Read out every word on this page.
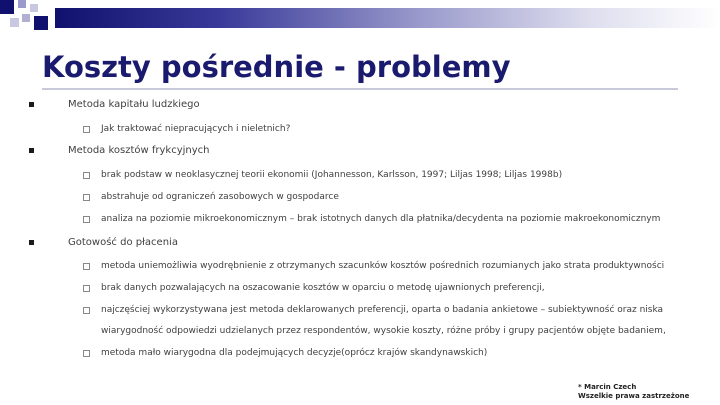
Koszty pośrednie - problemy
Metoda kapitału ludzkiego
Jak traktować niepracujących i nieletnich?
Metoda kosztów frykcyjnych
brak podstaw w neoklasycznej teorii ekonomii (Johannesson, Karlsson, 1997; Liljas 1998; Liljas 1998b)
abstrahuje od ograniczeń zasobowych w gospodarce
analiza na poziomie mikroekonomicznym – brak istotnych danych dla płatnika/decydenta na poziomie makroekonomicznym
Gotowość do płacenia
metoda uniemożliwia wyodrębnienie z otrzymanych szacunków kosztów pośrednich rozumianych jako strata produktywności
brak danych pozwalających na oszacowanie kosztów w oparciu o metodę ujawnionych preferencji,
najczęściej wykorzystywana jest metoda deklarowanych preferencji, oparta o badania ankietowe – subiektywność oraz niska
wiarygodność odpowiedzi udzielanych przez respondentów, wysokie koszty, różne próby i grupy pacjentów objęte badaniem,
metoda mało wiarygodna dla podejmujących decyzje(oprócz krajów skandynawskich)
* Marcin Czech
Wszelkie prawa zastrzeżone
